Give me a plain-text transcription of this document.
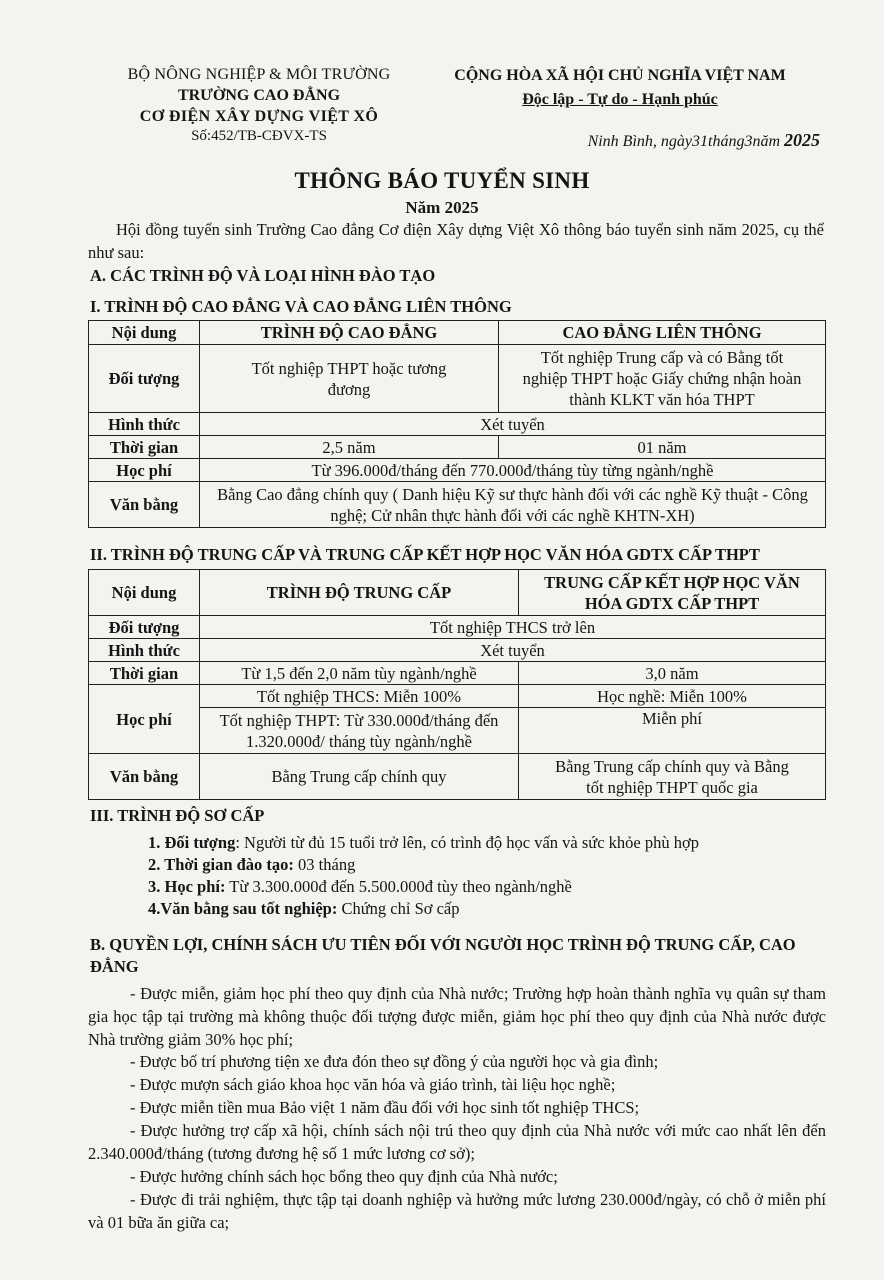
BỘ NÔNG NGHIỆP & MÔI TRƯỜNG
TRƯỜNG CAO ĐẲNG
CƠ ĐIỆN XÂY DỰNG VIỆT XÔ
Số:452/TB-CĐVX-TS
CỘNG HÒA XÃ HỘI CHỦ NGHĨA VIỆT NAM
Độc lập - Tự do - Hạnh phúc
Ninh Bình, ngày31tháng3năm 2025
THÔNG BÁO TUYỂN SINH
Năm 2025
Hội đồng tuyển sinh Trường Cao đẳng Cơ điện Xây dựng Việt Xô thông báo tuyển sinh năm 2025, cụ thể như sau:
A. CÁC TRÌNH ĐỘ VÀ LOẠI HÌNH ĐÀO TẠO
I. TRÌNH ĐỘ CAO ĐẲNG VÀ CAO ĐẲNG LIÊN THÔNG
Nội dung	TRÌNH ĐỘ CAO ĐẲNG	CAO ĐẲNG LIÊN THÔNG
Đối tượng	Tốt nghiệp THPT hoặc tương đương	Tốt nghiệp Trung cấp và có Bằng tốt nghiệp THPT hoặc Giấy chứng nhận hoàn thành KLKT văn hóa THPT
Hình thức	Xét tuyển	
Thời gian	2,5 năm	01 năm
Học phí	Từ 396.000đ/tháng đến 770.000đ/tháng tùy từng ngành/nghề	
Văn bằng	Bằng Cao đẳng chính quy ( Danh hiệu Kỹ sư thực hành đối với các nghề Kỹ thuật - Công nghệ; Cử nhân thực hành đối với các nghề KHTN-XH)	
II. TRÌNH ĐỘ TRUNG CẤP VÀ TRUNG CẤP KẾT HỢP HỌC VĂN HÓA GDTX CẤP THPT
Nội dung	TRÌNH ĐỘ TRUNG CẤP	TRUNG CẤP KẾT HỢP HỌC VĂN HÓA GDTX CẤP THPT
Đối tượng	Tốt nghiệp THCS trở lên	
Hình thức	Xét tuyển	
Thời gian	Từ 1,5 đến 2,0 năm tùy ngành/nghề	3,0 năm
Học phí	Tốt nghiệp THCS: Miễn 100%	Học nghề: Miễn 100%
	Tốt nghiệp THPT: Từ 330.000đ/tháng đến 1.320.000đ/ tháng tùy ngành/nghề	Miễn phí
Văn bằng	Bằng Trung cấp chính quy	Bằng Trung cấp chính quy và Bằng tốt nghiệp THPT quốc gia
III. TRÌNH ĐỘ SƠ CẤP
1. Đối tượng: Người từ đủ 15 tuổi trở lên, có trình độ học vấn và sức khỏe phù hợp
2. Thời gian đào tạo: 03 tháng
3. Học phí: Từ 3.300.000đ đến 5.500.000đ tùy theo ngành/nghề
4.Văn bằng sau tốt nghiệp: Chứng chỉ Sơ cấp
B. QUYỀN LỢI, CHÍNH SÁCH ƯU TIÊN ĐỐI VỚI NGƯỜI HỌC TRÌNH ĐỘ TRUNG CẤP, CAO ĐẲNG
- Được miễn, giảm học phí theo quy định của Nhà nước; Trường hợp hoàn thành nghĩa vụ quân sự tham gia học tập tại trường mà không thuộc đối tượng được miễn, giảm học phí theo quy định của Nhà nước được Nhà trường giảm 30% học phí;
- Được bố trí phương tiện xe đưa đón theo sự đồng ý của người học và gia đình;
- Được mượn sách giáo khoa học văn hóa và giáo trình, tài liệu học nghề;
- Được miễn tiền mua Bảo việt 1 năm đầu đối với học sinh tốt nghiệp THCS;
- Được hưởng trợ cấp xã hội, chính sách nội trú theo quy định của Nhà nước với mức cao nhất lên đến 2.340.000đ/tháng (tương đương hệ số 1 mức lương cơ sở);
- Được hưởng chính sách học bổng theo quy định của Nhà nước;
- Được đi trải nghiệm, thực tập tại doanh nghiệp và hưởng mức lương 230.000đ/ngày, có chỗ ở miễn phí và 01 bữa ăn giữa ca;
